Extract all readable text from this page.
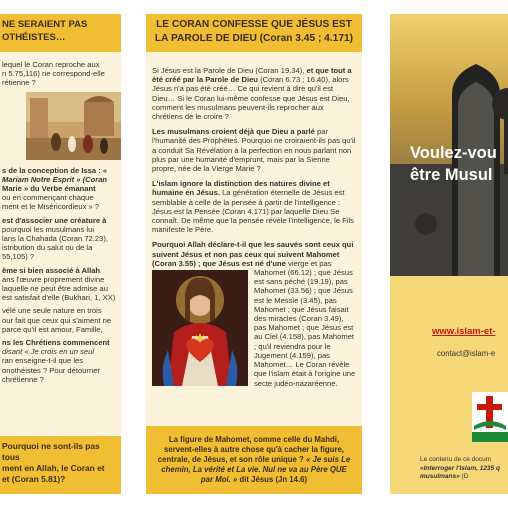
NE SERAIENT PAS
OTHÉISTES…

lequel le Coran reproche aux
n 5.75,116) ne correspond-elle
rétienne ?

s de la conception de Issa : «
Mariam Notre Esprit » (Coran
Marie » du Verbe émanant
ou en commençant chaque
ment et le Miséricordieux » ?

est d'associer une créature à
pourquoi les musulmans lui
lans la Chahada (Coran 72.23),
istribution du salut ou de la
55,105) ?

ême si bien associé à Allah
ans l'œuvre proprement divine
laquelle ne peut être admise au
est satisfait d'elle (Bukhari, 1, XX)

vélé une seule nature en trois
our fait que ceux qui s'aiment ne
parce qu'il est amour, Famille,

ns les Chrétiens commencent
disant « Je crois en un seul
ran enseigne-t-il que les
onothéistes ? Pour détourner
chrétienne ?

Pourquoi ne sont-ils pas tous
ment en Allah, le Coran et
et (Coran 5.81)?
LE CORAN CONFESSE QUE JÉSUS EST LA PAROLE DE DIEU (Coran 3.45 ; 4.171)

Si Jésus est la Parole de Dieu (Coran 19.34), et que tout a été créé par la Parole de Dieu (Coran 6.73 ; 16.40), alors Jésus n'a pas été créé… Ce qui revient à dire qu'il est Dieu… Si le Coran lui-même confesse que Jésus est Dieu, comment les musulmans peuvent-ils reprocher aux chrétiens de le croire ?

Les musulmans croient déjà que Dieu a parlé par l'humanité des Prophètes. Pourquoi ne croiraient-ils pas qu'il a conduit Sa Révélation à la perfection en nous parlant non plus par une humanité d'emprunt, mais par la Sienne propre, née de la Vierge Marie ?

L'islam ignore la distinction des natures divine et humaine en Jésus. La génération éternelle de Jésus est semblable à celle de la pensée à partir de l'intelligence : Jésus est la Pensée (Coran 4.171) par laquelle Dieu Se connaît. De même que la pensée révèle l'intelligence, le Fils manifeste le Père.

Pourquoi Allah déclare-t-il que les sauvés sont ceux qui suivent Jésus et non pas ceux qui suivent Mahomet (Coran 3.55) ; que Jésus est né d'une
vierge et pas Mahomet (66.12) ; que Jésus est sans péché (19.19), pas Mahomet (33.56) ; que Jésus est le Messie (3.45), pas Mahomet ; que Jésus faisait des miracles (Coran 3.49), pas Mahomet ; que Jésus est au Ciel (4.158), pas Mahomet ; qu'il reviendra pour le Jugement (4.159), pas Mahomet… Le Coran révèle que l'islam était à l'origine une secte judéo-nazaréenne.
La figure de Mahomet, comme celle du Mahdi, servent-elles à autre chose qu'à cacher la figure, centrale, de Jésus, et son rôle unique ? « Je suis Le chemin, La vérité et La vie. Nul ne va au Père QUE par Moi. » dit Jésus (Jn 14.6)
Voulez-vou
être Musul
www.islam-et-
contact@islam-e
Le contenu de ce docum
«Interroger l'Islam, 1235 q
musulmans» (D
